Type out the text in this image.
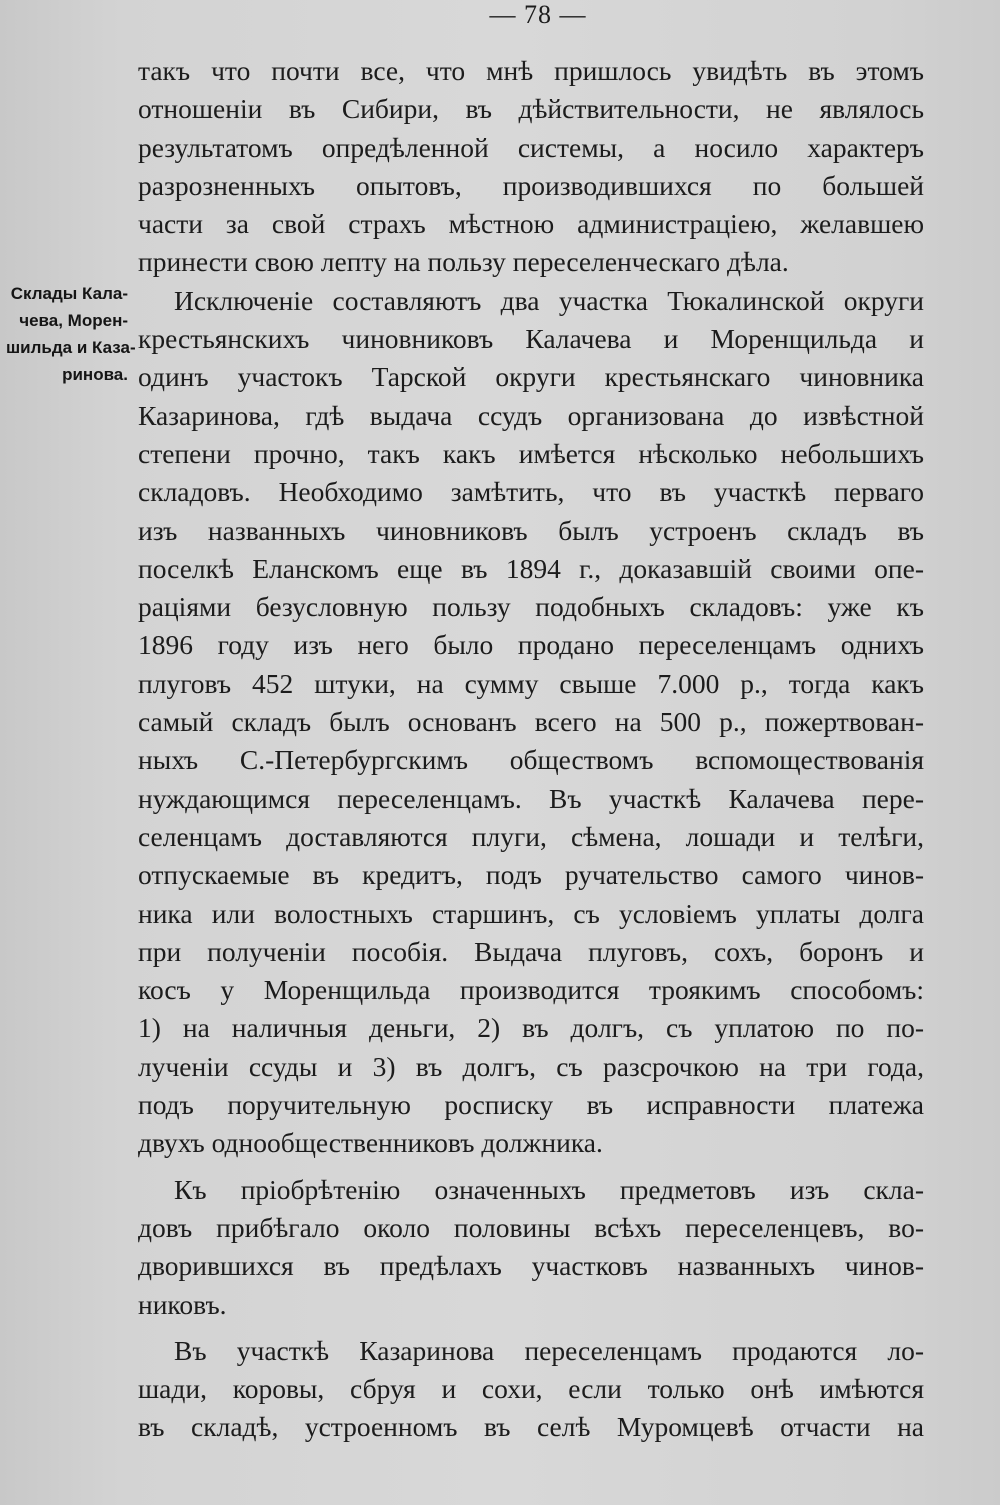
— 78 —
Склады Кала-
чева, Морен-
шильда и Каза-
ринова.
такъ что почти все, что мнѣ пришлось увидѣть въ этомъ
отношеніи въ Сибири, въ дѣйствительности, не являлось
результатомъ опредѣленной системы, а носило характеръ
разрозненныхъ опытовъ, производившихся по большей
части за свой страхъ мѣстною администраціею, желавшею
принести свою лепту на пользу переселенческаго дѣла.
Исключеніе составляютъ два участка Тюкалинской округи
крестьянскихъ чиновниковъ Калачева и Моренщильда и
одинъ участокъ Тарской округи крестьянскаго чиновника
Казаринова, гдѣ выдача ссудъ организована до извѣстной
степени прочно, такъ какъ имѣется нѣсколько небольшихъ
складовъ. Необходимо замѣтить, что въ участкѣ перваго
изъ названныхъ чиновниковъ былъ устроенъ складъ въ
поселкѣ Еланскомъ еще въ 1894 г., доказавшій своими опе-
раціями безусловную пользу подобныхъ складовъ: уже къ
1896 году изъ него было продано переселенцамъ однихъ
плуговъ 452 штуки, на сумму свыше 7.000 р., тогда какъ
самый складъ былъ основанъ всего на 500 р., пожертвован-
ныхъ С.-Петербургскимъ обществомъ вспомоществованія
нуждающимся переселенцамъ. Въ участкѣ Калачева пере-
селенцамъ доставляются плуги, сѣмена, лошади и телѣги,
отпускаемые въ кредитъ, подъ ручательство самого чинов-
ника или волостныхъ старшинъ, съ условіемъ уплаты долга
при полученіи пособія. Выдача плуговъ, сохъ, боронъ и
косъ у Моренщильда производится троякимъ способомъ:
1) на наличныя деньги, 2) въ долгъ, съ уплатою по по-
лученіи ссуды и 3) въ долгъ, съ разсрочкою на три года,
подъ поручительную росписку въ исправности платежа
двухъ однообщественниковъ должника.
Къ пріобрѣтенію означенныхъ предметовъ изъ скла-
довъ прибѣгало около половины всѣхъ переселенцевъ, во-
дворившихся въ предѣлахъ участковъ названныхъ чинов-
никовъ.
Въ участкѣ Казаринова переселенцамъ продаются ло-
шади, коровы, сбруя и сохи, если только онѣ имѣются
въ складѣ, устроенномъ въ селѣ Муромцевѣ отчасти на
